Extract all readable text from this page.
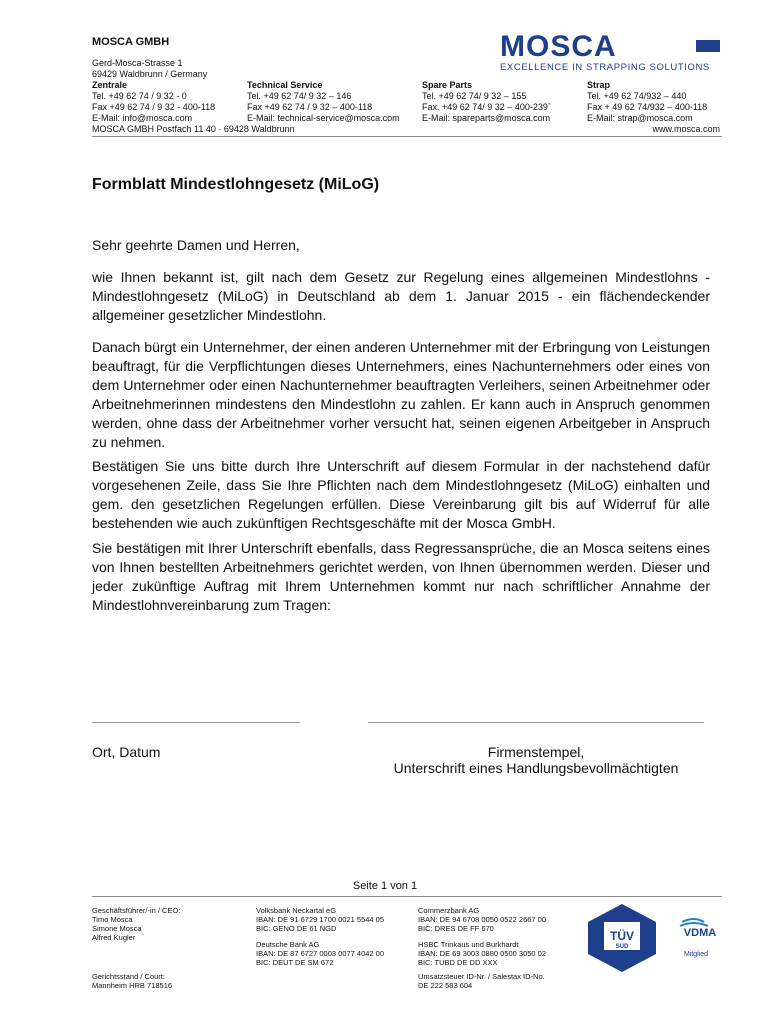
MOSCA GMBH
Gerd-Mosca-Strasse 1
69429 Waldbrunn / Germany
MOSCA
EXCELLENCE IN STRAPPING SOLUTIONS
Zentrale
Tel. +49 62 74 / 9 32 - 0
Fax +49 62 74 / 9 32 - 400-118
E-Mail: info@mosca.com
Technical Service
Tel. +49 62 74/ 9 32 – 146
Fax +49 62 74 / 9 32 – 400-118
E-Mail: technical-service@mosca.com
Spare Parts
Tel. +49 62 74/ 9 32 – 155
Fax. +49 62 74/ 9 32 – 400-239`
E-Mail: spareparts@mosca.com
Strap
Tel. +49 62 74/932 – 440
Fax + 49 62 74/932 – 400-118
E-Mail: strap@mosca.com
MOSCA GMBH Postfach 11 40 · 69428 Waldbrunn	www.mosca.com
Formblatt Mindestlohngesetz (MiLoG)
Sehr geehrte Damen und Herren,

wie Ihnen bekannt ist, gilt nach dem Gesetz zur Regelung eines allgemeinen Mindestlohns - Mindestlohngesetz (MiLoG) in Deutschland ab dem 1. Januar 2015 - ein flächendeckender allgemeiner gesetzlicher Mindestlohn.

Danach bürgt ein Unternehmer, der einen anderen Unternehmer mit der Erbringung von Leistungen beauftragt, für die Verpflichtungen dieses Unternehmers, eines Nachunternehmers oder eines von dem Unternehmer oder einen Nachunternehmer beauftragten Verleihers, seinen Arbeitnehmer oder Arbeitnehmerinnen mindestens den Mindestlohn zu zahlen. Er kann auch in Anspruch genommen werden, ohne dass der Arbeitnehmer vorher versucht hat, seinen eigenen Arbeitgeber in Anspruch zu nehmen.

Bestätigen Sie uns bitte durch Ihre Unterschrift auf diesem Formular in der nachstehend dafür vorgesehenen Zeile, dass Sie Ihre Pflichten nach dem Mindestlohngesetz (MiLoG) einhalten und gem. den gesetzlichen Regelungen erfüllen. Diese Vereinbarung gilt bis auf Widerruf für alle bestehenden wie auch zukünftigen Rechtsgeschäfte mit der Mosca GmbH.

Sie bestätigen mit Ihrer Unterschrift ebenfalls, dass Regressansprüche, die an Mosca seitens eines von Ihnen bestellten Arbeitnehmers gerichtet werden, von Ihnen übernommen werden. Dieser und jeder zukünftige Auftrag mit Ihrem Unternehmen kommt nur nach schriftlicher Annahme der Mindestlohnvereinbarung zum Tragen:

Ort, Datum	Firmenstempel,
Unterschrift eines Handlungsbevollmächtigten
Seite 1 von 1
Geschäftsführer/-in / CEO:
Timo Mosca
Simone Mosca
Alfred Kugler
Volksbank Neckartal eG
IBAN: DE 91 6729 1700 0021 5544 05
BIC: GENO DE 61 NGD
Deutsche Bank AG
IBAN: DE 87 6727 0003 0077 4042 00
BIC: DEUT DE SM 672
Commerzbank AG
IBAN: DE 94 6708 0050 0522 2667 00
BIC: DRES DE FF 670
HSBC Trinkaus und Burkhardt
IBAN: DE 69 3003 0880 0500 3050 02
BIC: TUBD DE DD XXX
Gerichtsstand / Court:
Mannheim HRB 718516
Umsatzsteuer ID-Nr. / Salestax ID-No.
DE 222 583 604
TÜV
SÜD
VDMA
Mitglied
